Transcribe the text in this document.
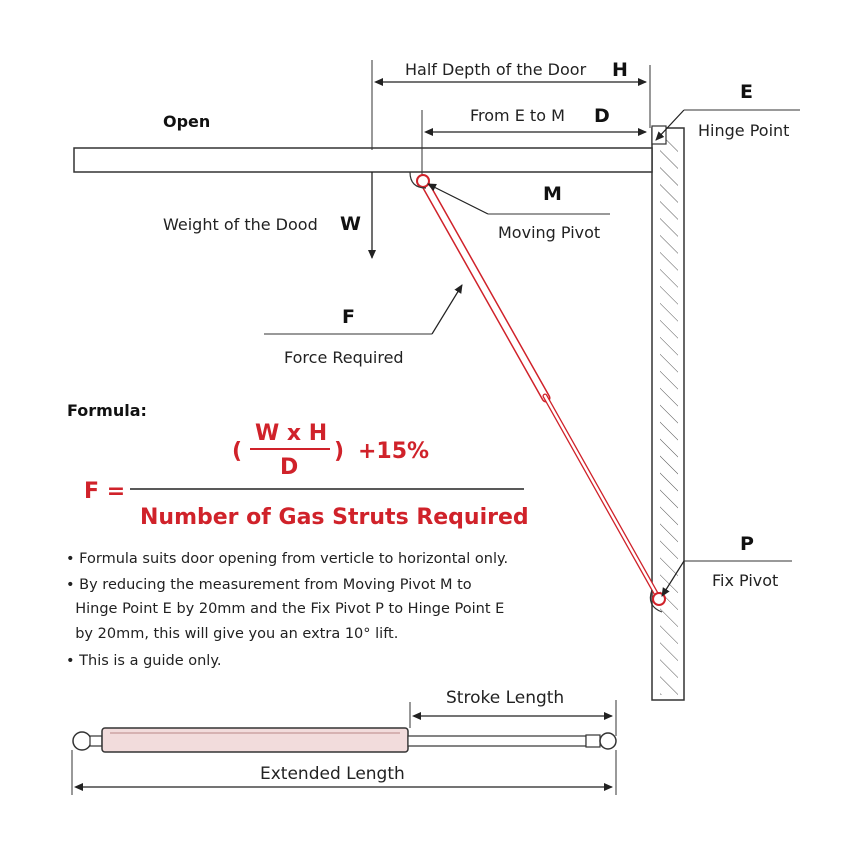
Half Depth of the Door H
From E to M D
E
Hinge Point
Open
Weight of the Dood W
M
Moving Pivot
F
Force Required
P
Fix Pivot
Formula:
(
W x H
D
) +15%
F =
Number of Gas Struts Required
• Formula suits door opening from verticle to horizontal only.
• By reducing the measurement from Moving Pivot M to
Hinge Point E by 20mm and the Fix Pivot P to Hinge Point E
by 20mm, this will give you an extra 10° lift.
• This is a guide only.
Stroke Length
Extended Length
